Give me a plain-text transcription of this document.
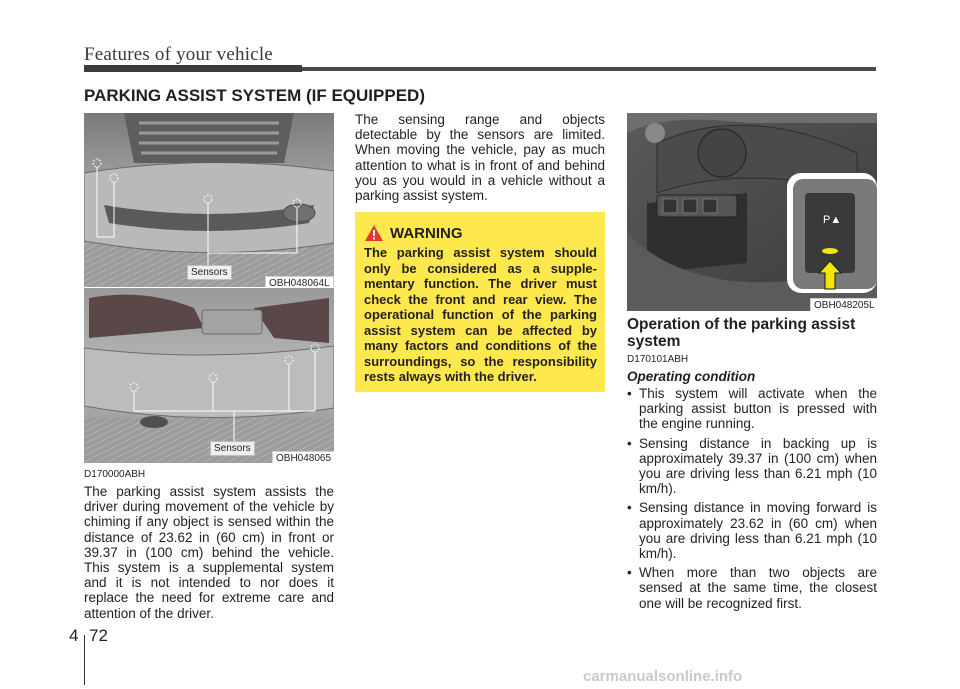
Features of your vehicle
PARKING ASSIST SYSTEM (IF EQUIPPED)
Sensors
OBH048064L
Sensors
OBH048065
D170000ABH
The parking assist system assists the driver during movement of the vehicle by chiming if any object is sensed within the distance of 23.62 in (60 cm) in front or 39.37 in (100 cm) behind the vehicle. This system is a supplemental system and it is not intended to nor does it replace the need for extreme care and attention of the driver.
The sensing range and objects detectable by the sensors are limited. When moving the vehicle, pay as much attention to what is in front of and behind you as you would in a vehicle without a parking assist system.
WARNING
The parking assist system should only be considered as a supple-mentary function. The driver must check the front and rear view. The operational function of the parking assist system can be affected by many factors and conditions of the surroundings, so the responsibility rests always with the driver.
P▲
OBH048205L
Operation of the parking assist system
D170101ABH
Operating condition
• This system will activate when the parking assist button is pressed with the engine running.
• Sensing distance in backing up is approximately 39.37 in (100 cm) when you are driving less than 6.21 mph (10 km/h).
• Sensing distance in moving forward is approximately 23.62 in (60 cm) when you are driving less than 6.21 mph (10 km/h).
• When more than two objects are sensed at the same time, the closest one will be recognized first.
4 72
carmanualsonline.info
